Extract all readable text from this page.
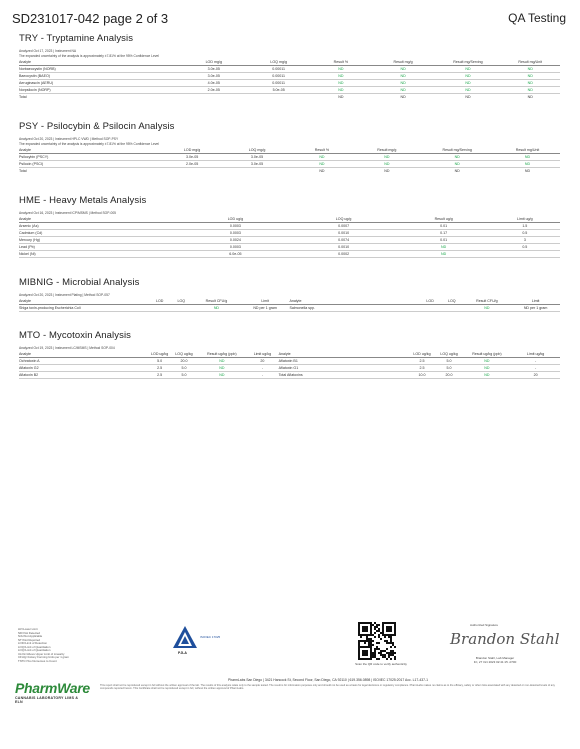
SD231017-042 page 2 of 3	QA Testing
TRY - Tryptamine Analysis
Analyzed Oct 17, 2023 | Instrument NA
The expanded uncertainty of the analysis is approximately ±7.81% at the 95% Confidence Level
Analyte	LOD mg/g	LOQ mg/g	Result %	Result mg/g	Result mg/Serving	Result mg/Unit
Norbaeocystin (NORB)	3.0e-05	0.00011	ND	ND	ND	ND
Baeocystin (BAEO)	3.0e-05	0.00011	ND	ND	ND	ND
Aeruginascin (AERU)	4.0e-05	0.00011	ND	ND	ND	ND
Norpsilocin (NORP)	2.0e-05	5.0e-05	ND	ND	ND	ND
Total			ND	ND	ND	ND
PSY - Psilocybin & Psilocin Analysis
Analyzed Oct 20, 2023 | Instrument HPLC VWD | Method SOP-PSY
The expanded uncertainty of the analysis is approximately ±7.81% at the 95% Confidence Level
Analyte	LOD mg/g	LOQ mg/g	Result %	Result mg/g	Result mg/Serving	Result mg/Unit
Psilocybin (PSCY)	3.0e-05	3.0e-05	ND	ND	ND	ND
Psilocin (PSCI)	2.0e-05	3.0e-05	ND	ND	ND	ND
Total			ND	ND	ND	ND
HME - Heavy Metals Analysis
Analyzed Oct 16, 2023 | Instrument ICP/MSMS | Method SOP-005
Analyte	LOD ug/g	LOQ ug/g	Result ug/g	Limit ug/g
Arsenic (As)	0.0003	0.0007	0.01	1.5
Cadmium (Cd)	0.0003	0.0010	0.17	0.5
Mercury (Hg)	0.0024	0.0074	0.01	3
Lead (Pb)	0.0003	0.0010	ND	0.5
Nickel (Ni)	6.0e-05	0.0002	ND	
MIBNIG - Microbial Analysis
Analyzed Oct 20, 2023 | Instrument Plating | Method SOP-057
Analyte	LOD	LOQ	Result CFU/g	Limit	Analyte	LOD	LOQ	Result CFU/g	Limit
Shiga toxin-producing Escherichia Coli			ND	ND per 1 gram	Salmonella spp.			ND	ND per 1 gram
MTO - Mycotoxin Analysis
Analyzed Oct 19, 2023 | Instrument LC/MSMS | Method SOP-004
Analyte	LOD ug/kg	LOQ ug/kg	Result ug/kg (ppb)	Limit ug/kg	Analyte	LOD ug/kg	LOQ ug/kg	Result ug/kg (ppb)	Limit ug/kg
Ochratoxin A	5.0	20.0	ND	20	Aflatoxin B1	2.5	5.0	ND	-
Aflatoxin G2	2.5	5.0	ND	-	Aflatoxin G1	2.5	5.0	ND	-
Aflatoxin B2	2.5	5.0	ND	-	Total Aflatoxins	10.0	20.0	ND	20
LR=Lower Limit
ND=Not Detected
N/A=Not Applicable
NT=Not Reported
LOD=Limit of Detection
LOQ=Limit of Quantitation
LOQ=Limit of Quantitation
ULOL=Above Upper Limit of Linearity
CFU/g=Colony Forming Units per 1 gram
TNTC=Too Numerous to Count
PharmWare
CANNABIS LABORATORY LIMS & ELN
ISO/IEC 17025
PJLA
Scan the QR code to verify authenticity
Authorized Signature
Brandon Stahl
Brandon Stahl, Lab Manager
Fri, 27 Oct 2023 02:41:15 -0700
PharmLabs San Diego | 3421 Hancock St, Second Floor, San Diego, CA 92110 | 619.356.0898 | ISO/IEC 17025:2017 Acc. L17-437-1
This report shall not be reproduced except in full without the written approval of the lab. The results of this analysis relate only to the sample tested. The result is for information purposes only and should not be used as a basis for legal decisions or regulatory compliance. PharmLabs makes no claims as to the efficacy, safety or other risks associated with any detected or non-detected levels of any compounds reported herein. This Certificate shall not be reproduced except in full, without the written approval of PharmLabs.
